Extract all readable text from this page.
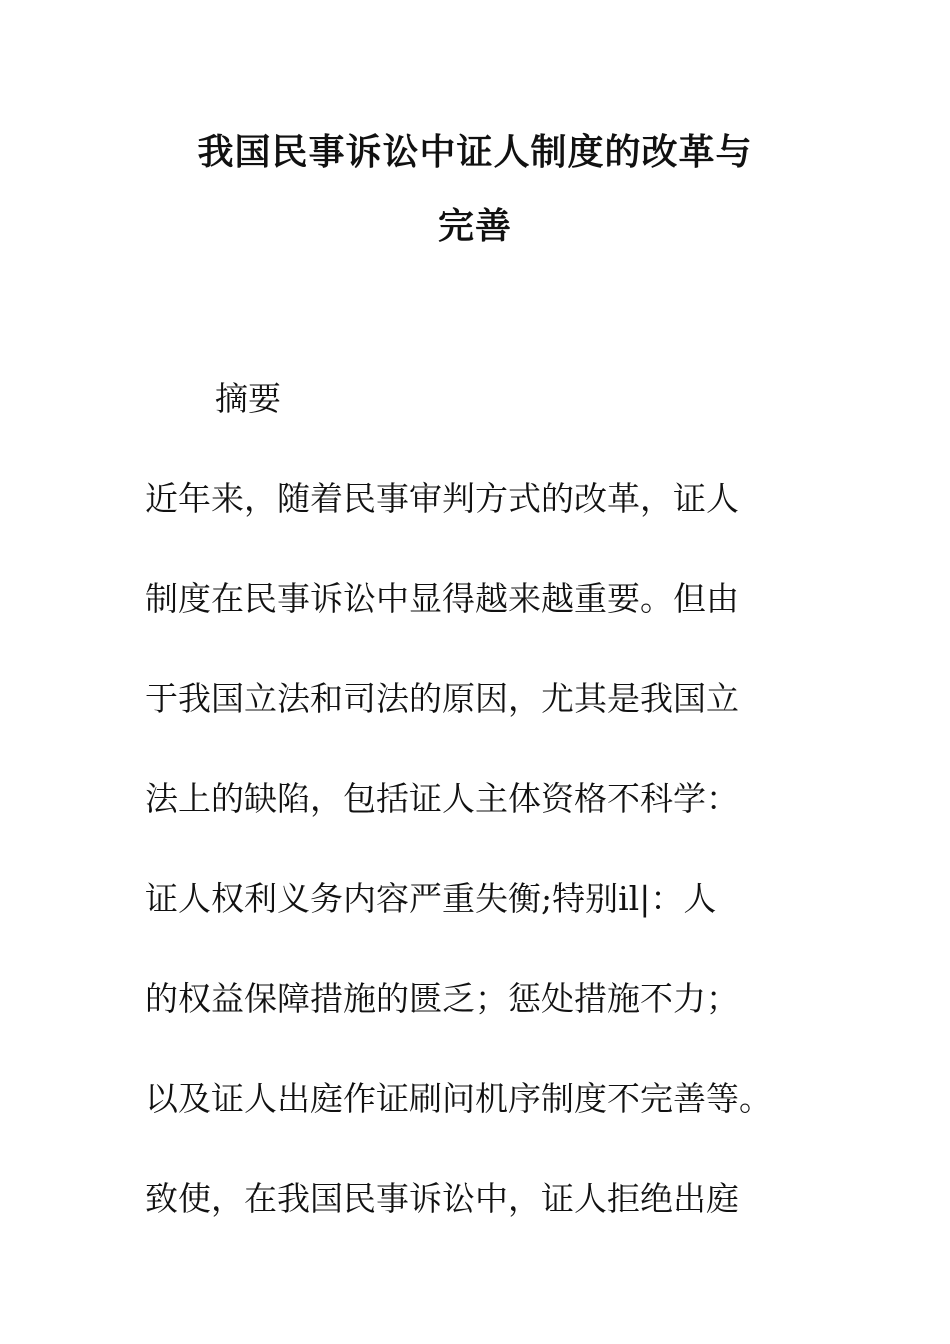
我国民事诉讼中证人制度的改革与
完善

摘要

近年来，随着民事审判方式的改革，证人

制度在民事诉讼中显得越来越重要。但由

于我国立法和司法的原因，尤其是我国立

法上的缺陷，包括证人主体资格不科学：

证人权利义务内容严重失衡;特别il|：人

的权益保障措施的匮乏；惩处措施不力；

以及证人出庭作证刷问机序制度不完善等。

致使，在我国民事诉讼中，证人拒绝出庭
